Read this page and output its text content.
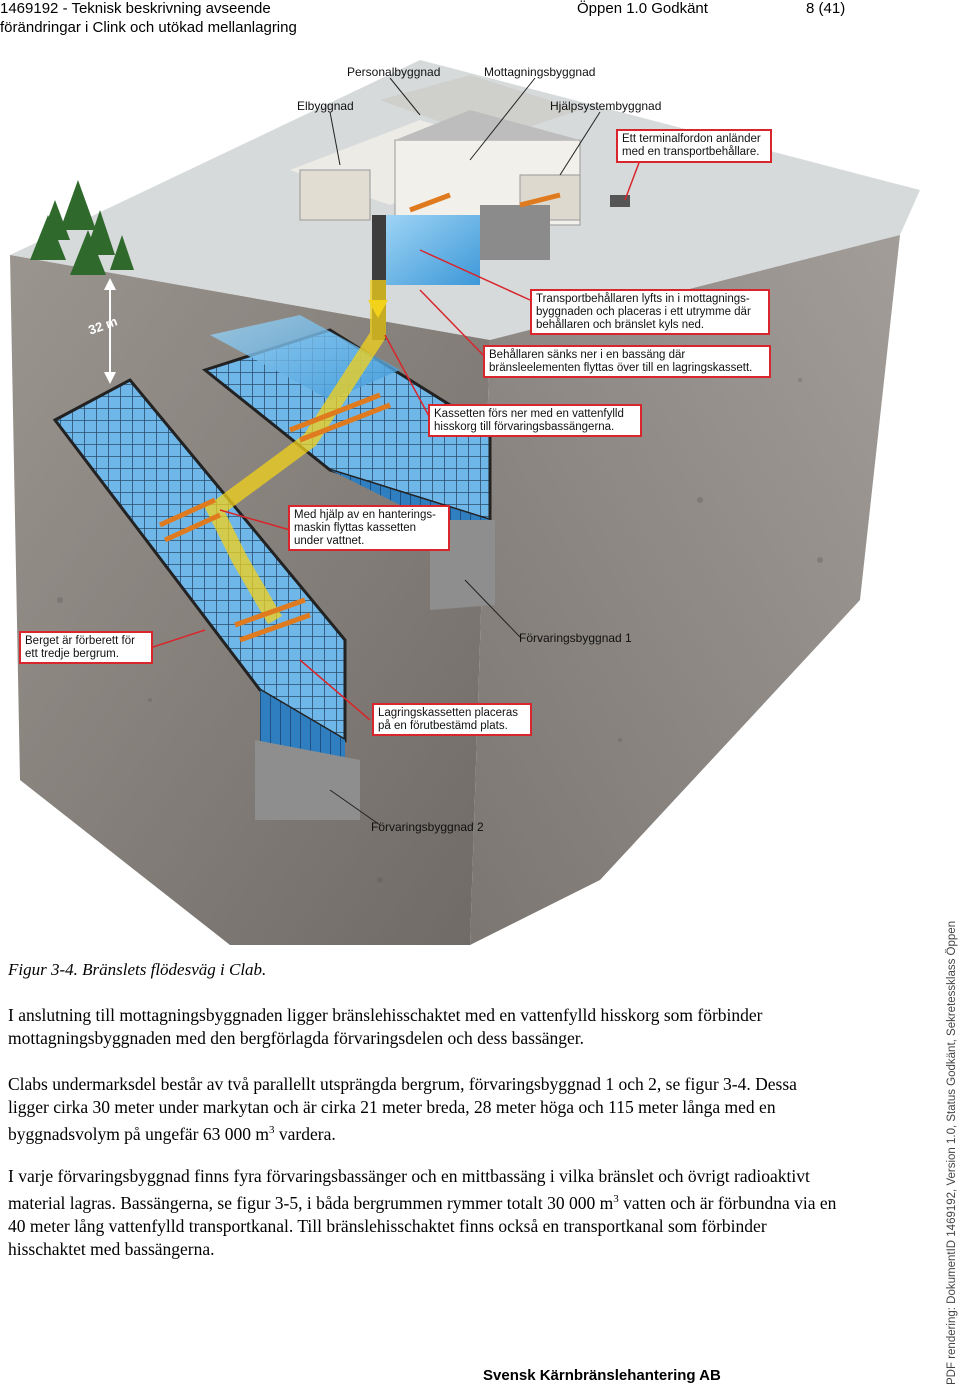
1469192 - Teknisk beskrivning avseende
förändringar i Clink och utökad mellanlagring
Öppen 1.0 Godkänt	8 (41)
Personalbyggnad	Mottagningsbyggnad
Elbyggnad	Hjälpsystembyggnad
Förvaringsbyggnad 1
Förvaringsbyggnad 2
32 m
Ett terminalfordon anländer
med en transportbehållare.
Transportbehållaren lyfts in i mottagnings-
byggnaden och placeras i ett utrymme där
behållaren och bränslet kyls ned.
Behållaren sänks ner i en bassäng där
bränsleelementen flyttas över till en lagringskassett.
Kassetten förs ner med en vattenfylld
hisskorg till förvaringsbassängerna.
Med hjälp av en hanterings-
maskin flyttas kassetten
under vattnet.
Berget är förberett för
ett tredje bergrum.
Lagringskassetten placeras
på en förutbestämd plats.
Figur 3-4. Bränslets flödesväg i Clab.
I anslutning till mottagningsbyggnaden ligger bränslehisschaktet med en vattenfylld hisskorg som förbinder mottagningsbyggnaden med den bergförlagda förvaringsdelen och dess bassänger.
Clabs undermarksdel består av två parallellt utsprängda bergrum, förvaringsbyggnad 1 och 2, se figur 3-4. Dessa ligger cirka 30 meter under markytan och är cirka 21 meter breda, 28 meter höga och 115 meter långa med en byggnadsvolym på ungefär 63 000 $m^3$ vardera.
I varje förvaringsbyggnad finns fyra förvaringsbassänger och en mittbassäng i vilka bränslet och övrigt radioaktivt material lagras. Bassängerna, se figur 3-5, i båda bergrummen rymmer totalt 30 000 $m^3$ vatten och är förbundna via en 40 meter lång vattenfylld transportkanal. Till bränslehisschaktet finns också en transportkanal som förbinder hisschaktet med bassängerna.
Svensk Kärnbränslehantering AB	PDF rendering: DokumentID 1469192, Version 1.0, Status Godkänt, Sekretessklass Öppen
